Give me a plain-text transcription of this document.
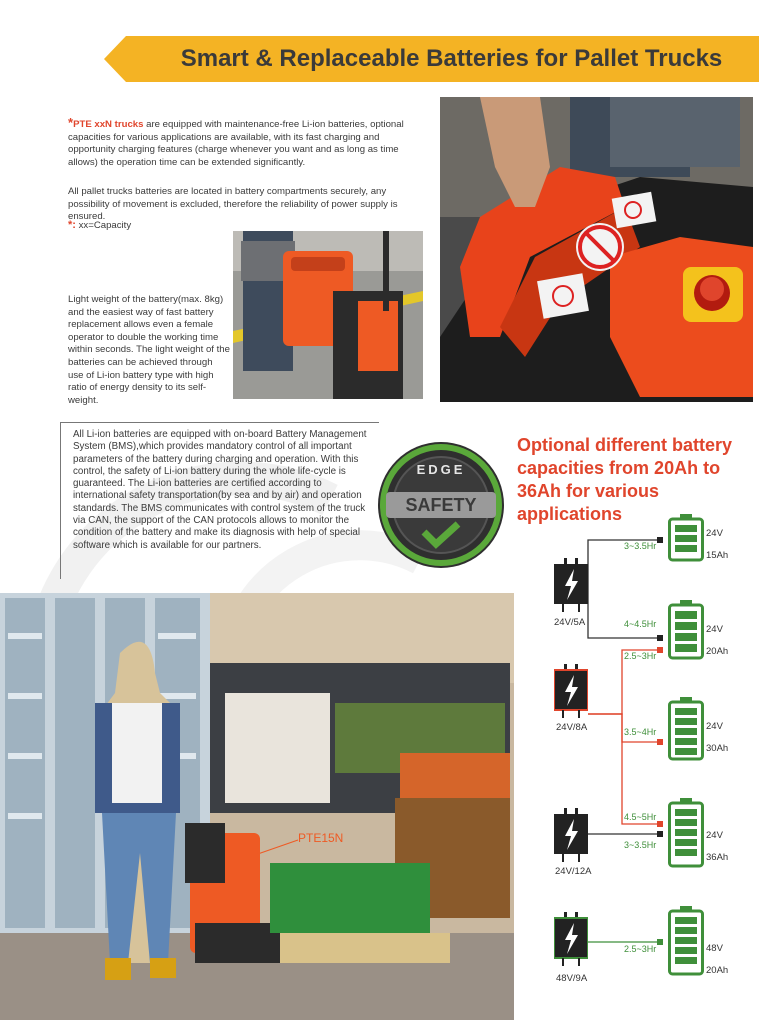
Smart & Replaceable Batteries for Pallet Trucks
*PTE xxN trucks are equipped with maintenance-free Li-ion batteries, optional capacities for various applications are available, with its fast charging and opportunity charging features (charge whenever you want and as long as time allows) the operation time can be extended significantly.
All pallet trucks batteries are located in battery compartments securely, any possibility of movement is excluded, therefore the reliability of power supply is ensured.
*: xx=Capacity
Light weight of the battery(max. 8kg) and the easiest way of fast battery replacement allows even a female operator to double the working time within seconds. The light weight of the batteries can be achieved through use of Li-ion battery type with high ratio of energy density to its self-weight.
All Li-ion batteries are equipped with on-board Battery Management System (BMS),which provides mandatory control of all important parameters of the battery during charging and operation. With this control, the safety of Li-ion battery during the whole life-cycle is guaranteed. The Li-ion batteries are certified according to international safety transportation(by sea and by air) and operation standards. The BMS communicates with control system of the truck via CAN, the support of the CAN protocols allows to monitor the condition of the battery and make its diagnosis with help of special software which is available for our partners.
EDGE
SAFETY
Optional different battery capacities from 20Ah to 36Ah for various applications
PTE15N
24V/5A
24V/8A
24V/12A
48V/9A
24V
15Ah
24V
20Ah
24V
30Ah
24V
36Ah
48V
20Ah
3~3.5Hr
4~4.5Hr
2.5~3Hr
3.5~4Hr
4.5~5Hr
3~3.5Hr
2.5~3Hr
